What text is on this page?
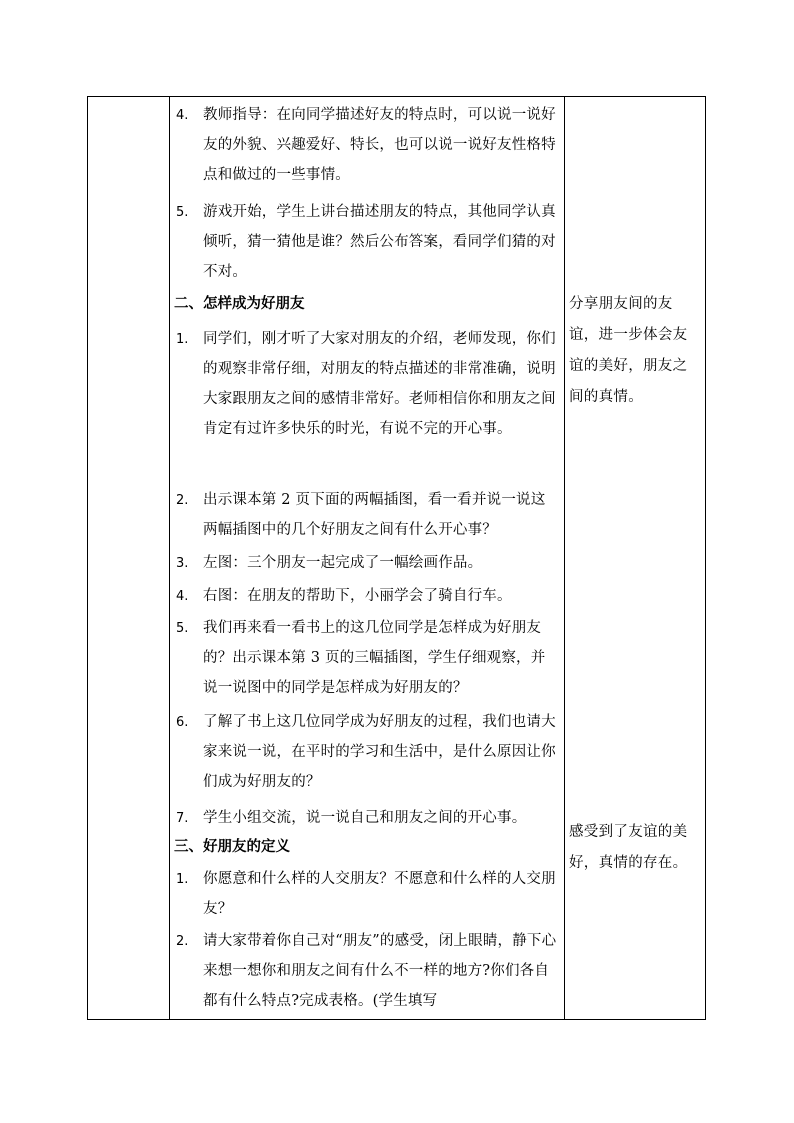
4.	教师指导：在向同学描述好友的特点时，可以说一说好友的外貌、兴趣爱好、特长，也可以说一说好友性格特点和做过的一些事情。
5.	游戏开始，学生上讲台描述朋友的特点，其他同学认真倾听，猜一猜他是谁？然后公布答案，看同学们猜的对不对。
二、怎样成为好朋友
1.	同学们，刚才听了大家对朋友的介绍，老师发现，你们的观察非常仔细，对朋友的特点描述的非常准确，说明大家跟朋友之间的感情非常好。老师相信你和朋友之间肯定有过许多快乐的时光，有说不完的开心事。
2.	出示课本第 2 页下面的两幅插图，看一看并说一说这两幅插图中的几个好朋友之间有什么开心事？
3.	左图：三个朋友一起完成了一幅绘画作品。
4.	右图：在朋友的帮助下，小丽学会了骑自行车。
5.	我们再来看一看书上的这几位同学是怎样成为好朋友的？出示课本第 3 页的三幅插图，学生仔细观察，并说一说图中的同学是怎样成为好朋友的？
6.	了解了书上这几位同学成为好朋友的过程，我们也请大家来说一说，在平时的学习和生活中，是什么原因让你们成为好朋友的？
7.	学生小组交流，说一说自己和朋友之间的开心事。
三、好朋友的定义
1.	你愿意和什么样的人交朋友？不愿意和什么样的人交朋友？
2.	请大家带着你自己对“朋友”的感受，闭上眼睛，静下心来想一想你和朋友之间有什么不一样的地方?你们各自都有什么特点?完成表格。(学生填写
分享朋友间的友谊，进一步体会友谊的美好，朋友之间的真情。
感受到了友谊的美好，真情的存在。
